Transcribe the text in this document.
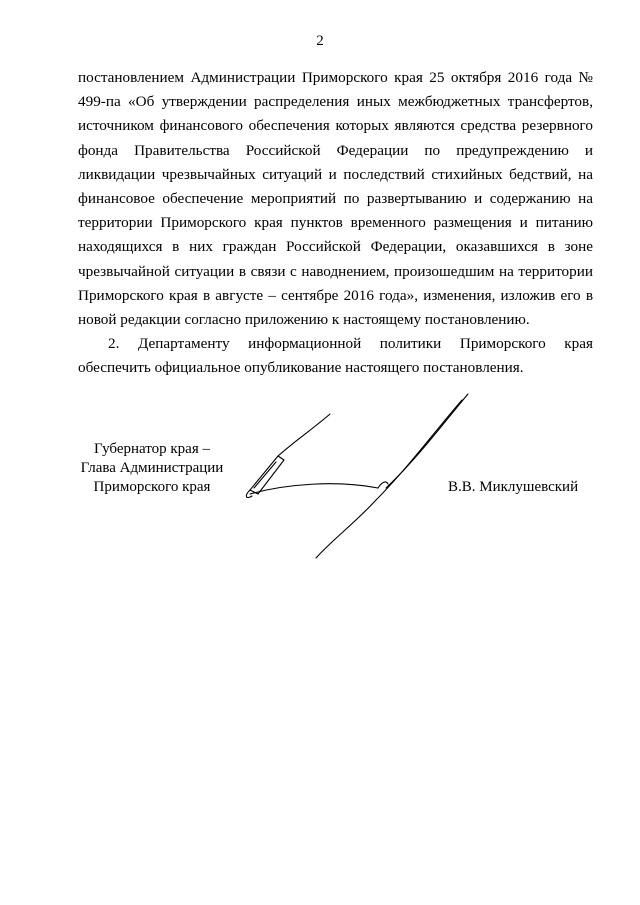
2

постановлением Администрации Приморского края 25 октября 2016 года № 499-па «Об утверждении распределения иных межбюджетных трансфертов, источником финансового обеспечения которых являются средства резервного фонда Правительства Российской Федерации по предупреждению и ликвидации чрезвычайных ситуаций и последствий стихийных бедствий, на финансовое обеспечение мероприятий по развертыванию и содержанию на территории Приморского края пунктов временного размещения и питанию находящихся в них граждан Российской Федерации, оказавшихся в зоне чрезвычайной ситуации в связи с наводнением, произошедшим на территории Приморского края в августе – сентябре 2016 года», изменения, изложив его в новой редакции согласно приложению к настоящему постановлению.

2. Департаменту информационной политики Приморского края обеспечить официальное опубликование настоящего постановления.

Губернатор края –
Глава Администрации
Приморского края	В.В. Миклушевский
